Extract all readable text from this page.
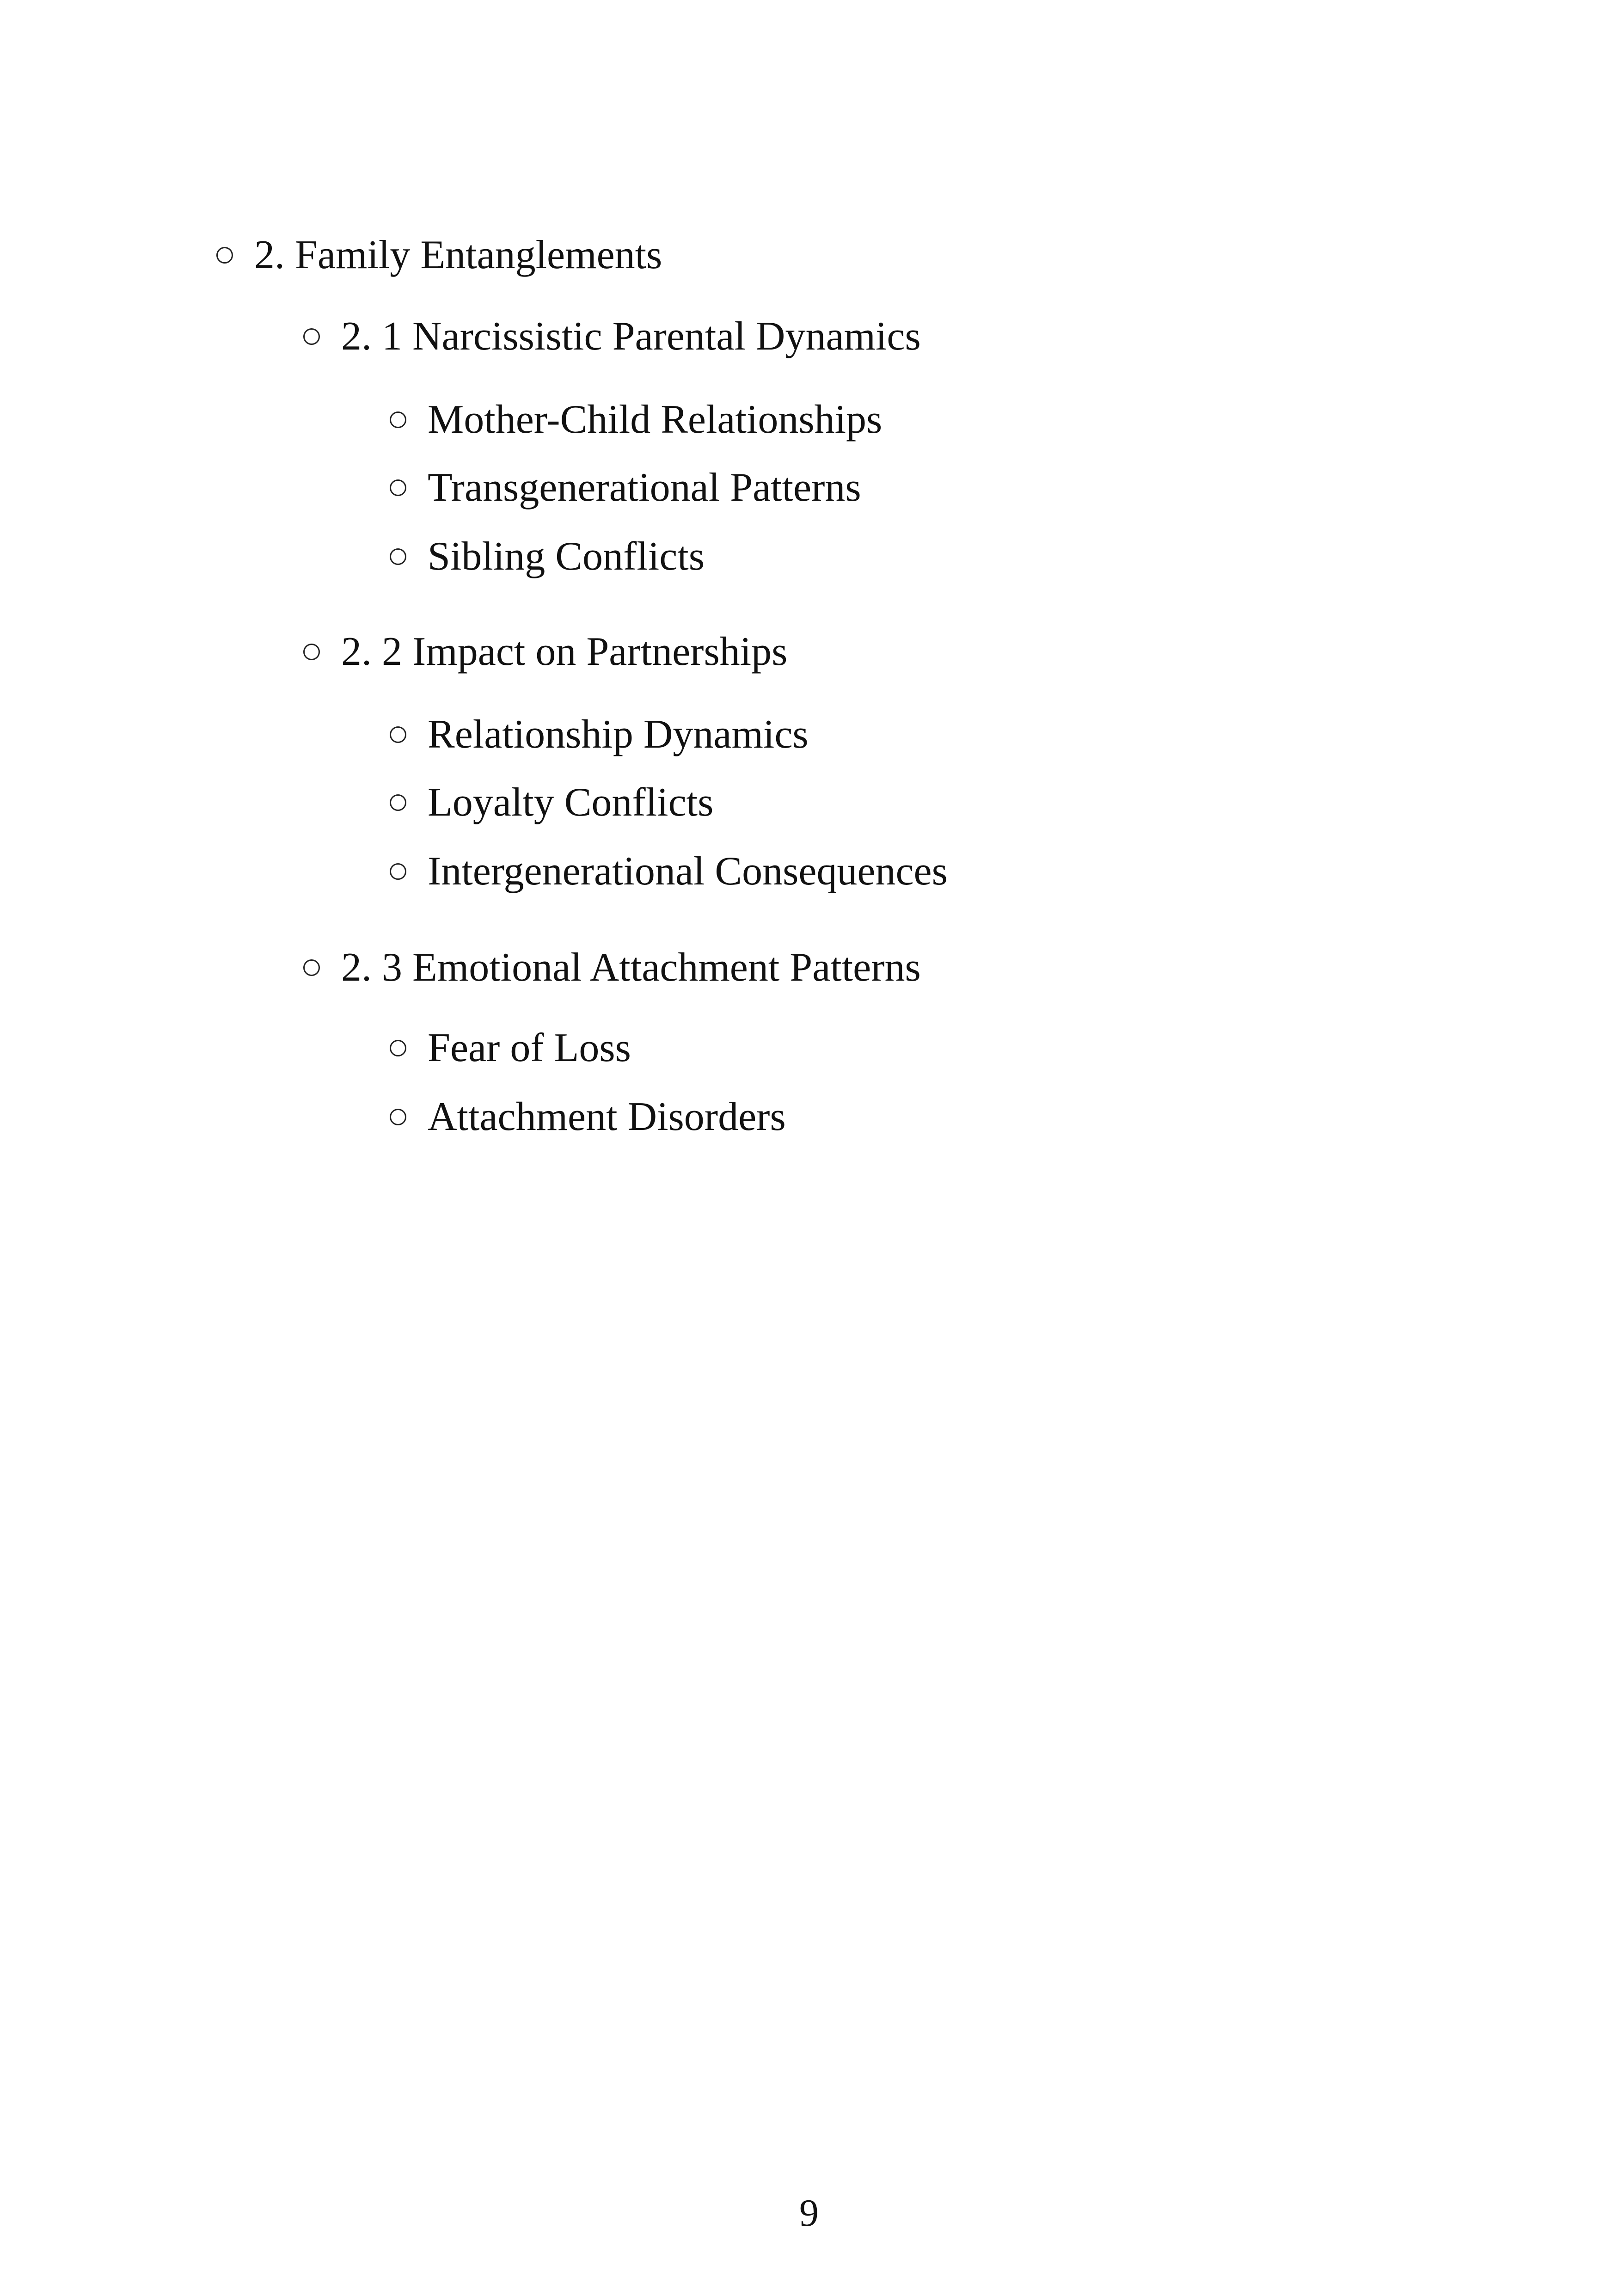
2. Family Entanglements
2. 1 Narcissistic Parental Dynamics
Mother-Child Relationships
Transgenerational Patterns
Sibling Conflicts
2. 2 Impact on Partnerships
Relationship Dynamics
Loyalty Conflicts
Intergenerational Consequences
2. 3 Emotional Attachment Patterns
Fear of Loss
Attachment Disorders
9
